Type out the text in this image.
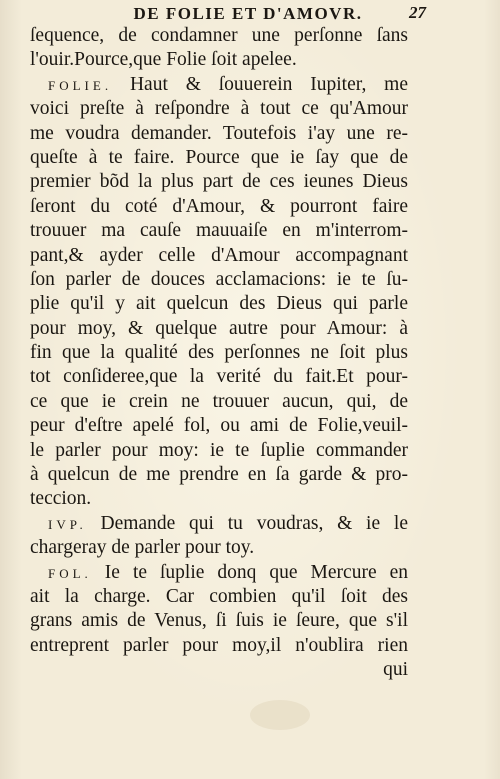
DE FOLIE ET D'AMOVR.	27
ſequence, de condamner une perſonne ſans
l'ouir.Pource,que Folie ſoit apelee.
FOLIE. Haut & ſouuerein Iupiter, me
voici preſte à reſpondre à tout ce qu'Amour
me voudra demander. Toutefois i'ay une re-
queſte à te faire. Pource que ie ſay que de
premier bõd la plus part de ces ieunes Dieus
ſeront du coté d'Amour, & pourront faire
trouuer ma cauſe mauuaiſe en m'interrom-
pant,& ayder celle d'Amour accompagnant
ſon parler de douces acclamacions: ie te ſu-
plie qu'il y ait quelcun des Dieus qui parle
pour moy, & quelque autre pour Amour: à
fin que la qualité des perſonnes ne ſoit plus
tot conſideree,que la verité du fait.Et pour-
ce que ie crein ne trouuer aucun, qui, de
peur d'eſtre apelé fol, ou ami de Folie,veuil-
le parler pour moy: ie te ſuplie commander
à quelcun de me prendre en ſa garde & pro-
teccion.
IVP. Demande qui tu voudras, & ie le
chargeray de parler pour toy.
FOL. Ie te ſuplie donq que Mercure en
ait la charge. Car combien qu'il ſoit des
grans amis de Venus, ſi ſuis ie ſeure, que s'il
entreprent parler pour moy,il n'oublira rien
qui
